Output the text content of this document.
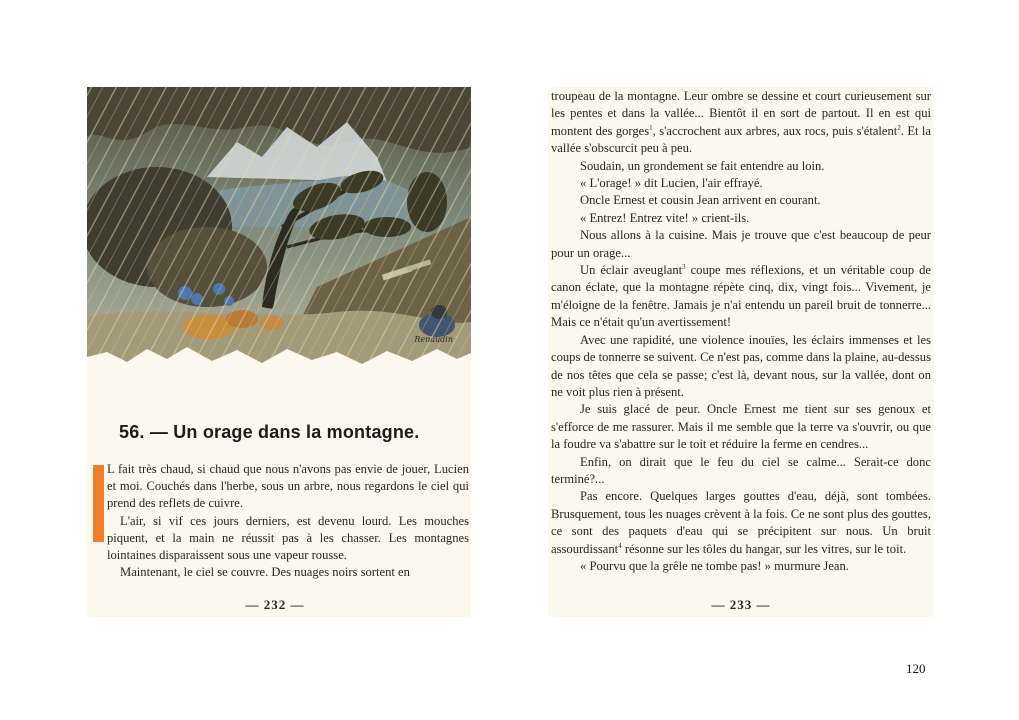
Renaudin
56. — Un orage dans la montagne.

L fait très chaud, si chaud que nous n'avons pas envie de jouer, Lucien et moi. Couchés dans l'herbe, sous un arbre, nous regardons le ciel qui prend des reflets de cuivre.

L'air, si vif ces jours derniers, est devenu lourd. Les mouches piquent, et la main ne réussit pas à les chasser. Les montagnes lointaines disparaissent sous une vapeur rousse.

Maintenant, le ciel se couvre. Des nuages noirs sortent en

— 232 —

troupeau de la montagne. Leur ombre se dessine et court curieusement sur les pentes et dans la vallée... Bientôt il en sort de partout. Il en est qui montent des gorges$^1$, s'accrochent aux arbres, aux rocs, puis s'étalent$^2$. Et la vallée s'obscurcit peu à peu.

Soudain, un grondement se fait entendre au loin.

« L'orage! » dit Lucien, l'air effrayé.

Oncle Ernest et cousin Jean arrivent en courant.

« Entrez! Entrez vite! » crient-ils.

Nous allons à la cuisine. Mais je trouve que c'est beaucoup de peur pour un orage...

Un éclair aveuglant$^3$ coupe mes réflexions, et un véritable coup de canon éclate, que la montagne répète cinq, dix, vingt fois... Vivement, je m'éloigne de la fenêtre. Jamais je n'ai entendu un pareil bruit de tonnerre... Mais ce n'était qu'un avertissement!

Avec une rapidité, une violence inouïes, les éclairs immenses et les coups de tonnerre se suivent. Ce n'est pas, comme dans la plaine, au-dessus de nos têtes que cela se passe; c'est là, devant nous, sur la vallée, dont on ne voit plus rien à présent.

Je suis glacé de peur. Oncle Ernest me tient sur ses genoux et s'efforce de me rassurer. Mais il me semble que la terre va s'ouvrir, ou que la foudre va s'abattre sur le toit et réduire la ferme en cendres...

Enfin, on dirait que le feu du ciel se calme... Serait-ce donc terminé?...

Pas encore. Quelques larges gouttes d'eau, déjà, sont tombées. Brusquement, tous les nuages crèvent à la fois. Ce ne sont plus des gouttes, ce sont des paquets d'eau qui se précipitent sur nous. Un bruit assourdissant$^4$ résonne sur les tôles du hangar, sur les vitres, sur le toit.

« Pourvu que la grêle ne tombe pas! » murmure Jean.

— 233 —
120
